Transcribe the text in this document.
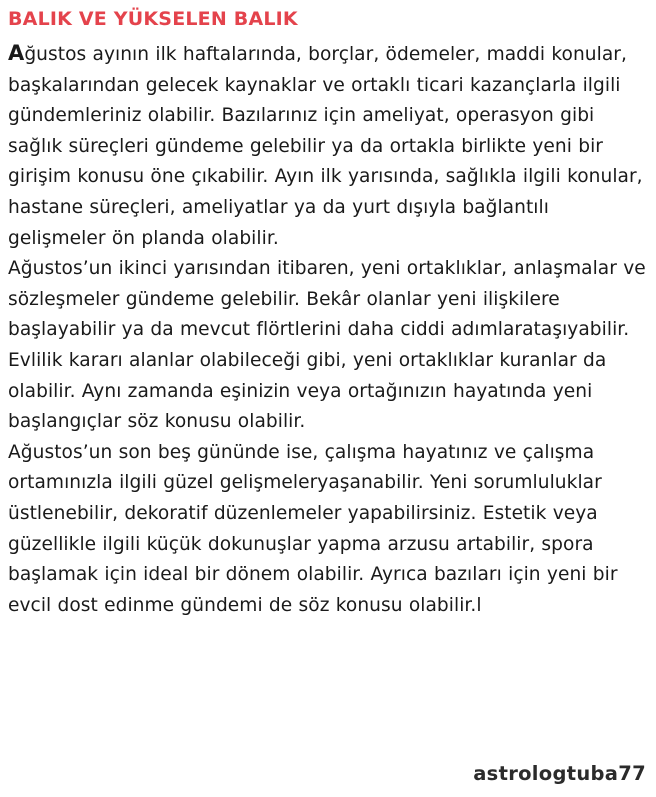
BALIK VE YÜKSELEN BALIK

Ağustos ayının ilk haftalarında, borçlar, ödemeler, maddi konular, başkalarından gelecek kaynaklar ve ortaklı ticari kazançlarla ilgili gündemleriniz olabilir. Bazılarınız için ameliyat, operasyon gibi sağlık süreçleri gündeme gelebilir ya da ortakla birlikte yeni bir girişim konusu öne çıkabilir. Ayın ilk yarısında, sağlıkla ilgili konular, hastane süreçleri, ameliyatlar ya da yurt dışıyla bağlantılı gelişmeler ön planda olabilir.

Ağustos’un ikinci yarısından itibaren, yeni ortaklıklar, anlaşmalar ve sözleşmeler gündeme gelebilir. Bekâr olanlar yeni ilişkilere başlayabilir ya da mevcut flörtlerini daha ciddi adımlarataşıyabilir. Evlilik kararı alanlar olabileceği gibi, yeni ortaklıklar kuranlar da olabilir. Aynı zamanda eşinizin veya ortağınızın hayatında yeni başlangıçlar söz konusu olabilir.

Ağustos’un son beş gününde ise, çalışma hayatınız ve çalışma ortamınızla ilgili güzel gelişmeleryaşanabilir. Yeni sorumluluklar üstlenebilir, dekoratif düzenlemeler yapabilirsiniz. Estetik veya güzellikle ilgili küçük dokunuşlar yapma arzusu artabilir, spora başlamak için ideal bir dönem olabilir. Ayrıca bazıları için yeni bir evcil dost edinme gündemi de söz konusu olabilir.l

astrologtuba77
